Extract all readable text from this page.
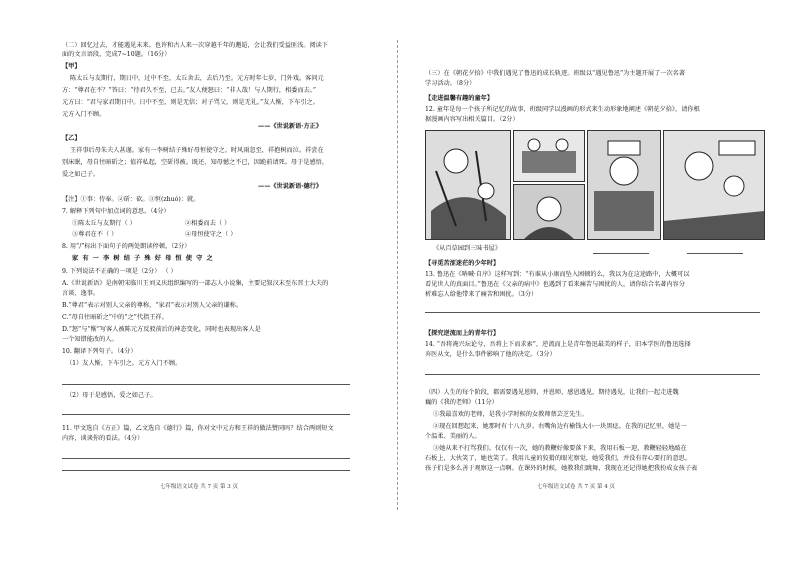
（二）回忆过去，才能遇见未来。也许和古人来一次穿越千年的邂逅，会让我们受益匪浅。阅读下
面的文言语段，完成7~10题。（16分）
【甲】
陈太丘与友期行，期日中，过中不至，太丘舍去，去后乃至。元方时年七岁，门外戏。客问元
方：“尊君在不？”答曰：“待君久不至，已去。”友人便怒曰：“非人哉！与人期行，相委而去。”
元方曰：“君与家君期日中。日中不至，则是无信；对子骂父，则是无礼。”友人惭，下车引之。
元方入门不顾。
——《世说新语·方正》
【乙】
王祥事后母朱夫人甚谨。家有一李树结子殊好母恒使守之。时风雨忽至，祥抱树而泣。祥尝在
别床眠，母自往暗斫之；值祥私起，空斫得被。既还，知母憾之不已，因跪前请死。母于是感悟，
爱之如己子。
——《世说新语·德行》
【注】①事：侍奉。②斫：砍。③恒(zhuó)：就。
7. 解释下列句中加点词的意思。（4分）
①陈太丘与友期行（ ）	②相委而去（ ）
③尊君在不（ ）	④母恒使守之（ ）
8. 用“/”标出下面句子的两处朗读停顿。（2分）
家 有 一 李 树 结 子 殊 好 母 恒 使 守 之
9. 下列说法不正确的一项是（2分） （ ）
A.《世说新语》是南朝宋临川王刘义庆组织编写的一部志人小说集，主要记叙汉末至东晋士大夫的
言谈、逸事。
B.“尊君”表示对别人父亲的尊称，“家君”表示对别人父亲的谦称。
C.“母自往暗斫之”中的“之”代指王祥。
D.“怒”与“惭”写客人被陈元方反驳前后的神态变化，同时也表现出客人是
一个知错能改的人。
10. 翻译下列句子。（4分）
（1）友人惭，下车引之。元方入门不顾。
（2）母于是感悟，爱之如己子。
11. 甲文选自《方正》篇，乙文选自《德行》篇，你对文中元方和王祥的做法赞同吗？结合两则短文
内容，谈谈你的看法。（4分）
七年级语文试卷 共 7 页 第 3 页
（三）在《朝花夕拾》中我们遇见了鲁迅的成长轨迹。班级以“遇见鲁迅”为主题开展了一次名著
学习活动。（8分）
【走进温馨有趣的童年】
12. 童年是每一个孩子所记忆的故事，班级同学以漫画的形式来生动形象地阐述《朝花夕拾》，请你根
据漫画内容写出相关篇目。（2分）
《从百草园到三味书屋》
【寻觅苦涩迷茫的少年时】
13. 鲁迅在《呐喊·自序》这样写到：“有谁从小康而坠入困顿的么，我以为在这途路中，大概可以
看见世人的真面目。”鲁迅在《父亲的病中》也遇到了看来痛苦与困扰的人，请你结合名著内容分
析难忘人给他带来了痛苦和困扰。（3分）
【探究逆流而上的青年行】
14. “吾将淹兴坛论兮，吾将上下而求索”，逆流而上是青年鲁迅最美的样子，旧本学医的鲁迅选择
弃医从文，是什么事件影响了他的决定。（3分）
（四）人生的每个阶段，都需要遇见恩师，并恩师，感恩遇见，期待遇见，让我们一起走进魏
巍的《我的老师》（11分）
①我最喜欢的老师，是我小学时候的女教师蔡芸芝先生。
②现在回想起来，她那时有十八九岁。右嘴角边有榆钱大小一块黑痣。在我的记忆里，她是一
个温柔、美丽的人。
③她从来不打骂我们。仅仅有一次，她的教鞭好像要落下来，我用石板一迎，教鞭轻轻地敲在
石板上，大伙笑了，她也笑了。我用儿童的狡猾的眼光察觉，她爱我们，并没有存心要打的意思。
孩子们是多么善于观察这一点啊。在课外的时候，她教我们跳舞，我现在还记得她把我扮成女孩子表
七年级语文试卷 共 7 页 第 4 页
